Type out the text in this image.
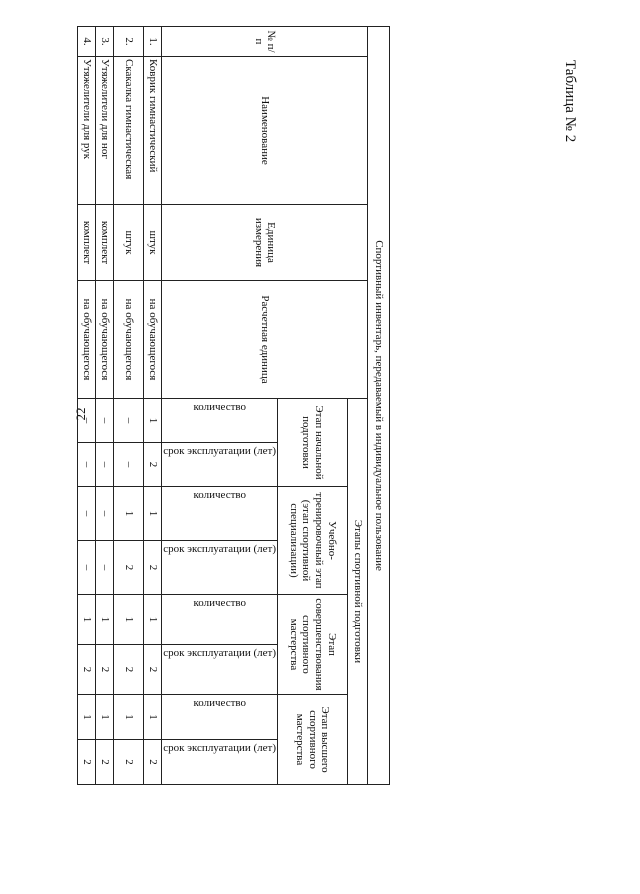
22
Таблица № 2
Спортивный инвентарь, передаваемый в индивидуальное пользование											
№ п/п	Наименование	Единица измерения	Расчетная единица	Этапы спортивной подготовки							
				Этап начальной подготовки		Учебно-тренировочный этап (этап спортивной специализации)		Этап совершенствования спортивного мастерства		Этап высшего спортивного мастерства	

				количество	срок эксплуатации (лет)	количество	срок эксплуатации (лет)	количество	срок эксплуатации (лет)	количество	срок эксплуатации (лет)

1.	Коврик гимнастический	штук	на обучающегося	1	2	1	2	1	2	1	2
2.	Скакалка гимнастическая	штук	на обучающегося	–	–	1	2	1	2	1	2
3.	Утяжелители для ног	комплект	на обучающегося	–	–	–	–	1	2	1	2
4.	Утяжелители для рук	комплект	на обучающегося	–	–	–	–	1	2	1	2
